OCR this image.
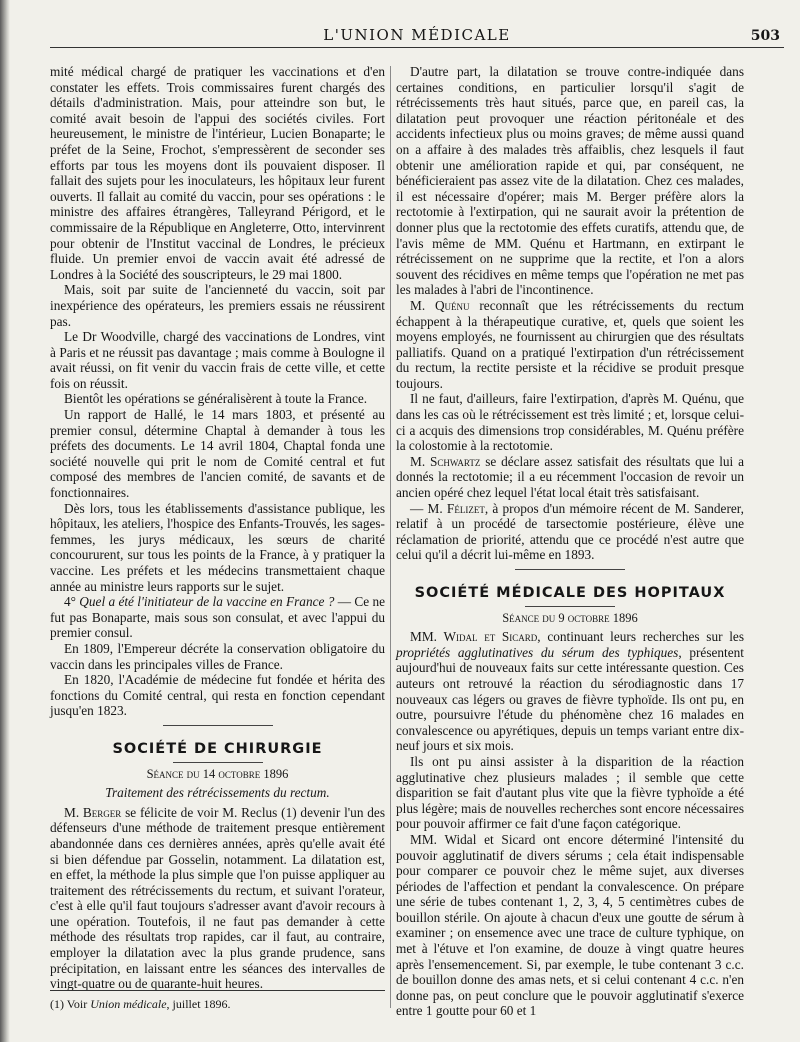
L'UNION MÉDICALE	503

mité médical chargé de pratiquer les vaccinations et d'en constater les effets. Trois commissaires furent chargés des détails d'administration. Mais, pour atteindre son but, le comité avait besoin de l'appui des sociétés civiles. Fort heureusement, le ministre de l'intérieur, Lucien Bonaparte; le préfet de la Seine, Frochot, s'empressèrent de seconder ses efforts par tous les moyens dont ils pouvaient disposer. Il fallait des sujets pour les inoculateurs, les hôpitaux leur furent ouverts. Il fallait au comité du vaccin, pour ses opérations : le ministre des affaires étrangères, Talleyrand Périgord, et le commissaire de la République en Angleterre, Otto, intervinrent pour obtenir de l'Institut vaccinal de Londres, le précieux fluide. Un premier envoi de vaccin avait été adressé de Londres à la Société des souscripteurs, le 29 mai 1800.

Mais, soit par suite de l'ancienneté du vaccin, soit par inexpérience des opérateurs, les premiers essais ne réussirent pas.

Le Dr Woodville, chargé des vaccinations de Londres, vint à Paris et ne réussit pas davantage ; mais comme à Boulogne il avait réussi, on fit venir du vaccin frais de cette ville, et cette fois on réussit.

Bientôt les opérations se généralisèrent à toute la France.

Un rapport de Hallé, le 14 mars 1803, et présenté au premier consul, détermine Chaptal à demander à tous les préfets des documents. Le 14 avril 1804, Chaptal fonda une société nouvelle qui prit le nom de Comité central et fut composé des membres de l'ancien comité, de savants et de fonctionnaires.

Dès lors, tous les établissements d'assistance publique, les hôpitaux, les ateliers, l'hospice des Enfants-Trouvés, les sages-femmes, les jurys médicaux, les sœurs de charité concoururent, sur tous les points de la France, à y pratiquer la vaccine. Les préfets et les médecins transmettaient chaque année au ministre leurs rapports sur le sujet.

4° Quel a été l'initiateur de la vaccine en France ? — Ce ne fut pas Bonaparte, mais sous son consulat, et avec l'appui du premier consul.

En 1809, l'Empereur décréte la conservation obligatoire du vaccin dans les principales villes de France.

En 1820, l'Académie de médecine fut fondée et hérita des fonctions du Comité central, qui resta en fonction cependant jusqu'en 1823.

SOCIÉTÉ DE CHIRURGIE
Séance du 14 octobre 1896
Traitement des rétrécissements du rectum.

M. Berger se félicite de voir M. Reclus (1) devenir l'un des défenseurs d'une méthode de traitement presque entièrement abandonnée dans ces dernières années, après qu'elle avait été si bien défendue par Gosselin, notamment. La dilatation est, en effet, la méthode la plus simple que l'on puisse appliquer au traitement des rétrécissements du rectum, et suivant l'orateur, c'est à elle qu'il faut toujours s'adresser avant d'avoir recours à une opération. Toutefois, il ne faut pas demander à cette méthode des résultats trop rapides, car il faut, au contraire, employer la dilatation avec la plus grande prudence, sans précipitation, en laissant entre les séances des intervalles de vingt-quatre ou de quarante-huit heures.

(1) Voir Union médicale, juillet 1896.

D'autre part, la dilatation se trouve contre-indiquée dans certaines conditions, en particulier lorsqu'il s'agit de rétrécissements très haut situés, parce que, en pareil cas, la dilatation peut provoquer une réaction péritonéale et des accidents infectieux plus ou moins graves; de même aussi quand on a affaire à des malades très affaiblis, chez lesquels il faut obtenir une amélioration rapide et qui, par conséquent, ne bénéficieraient pas assez vite de la dilatation. Chez ces malades, il est nécessaire d'opérer; mais M. Berger préfère alors la rectotomie à l'extirpation, qui ne saurait avoir la prétention de donner plus que la rectotomie des effets curatifs, attendu que, de l'avis même de MM. Quénu et Hartmann, en extirpant le rétrécissement on ne supprime que la rectite, et l'on a alors souvent des récidives en même temps que l'opération ne met pas les malades à l'abri de l'incontinence.

M. Quénu reconnaît que les rétrécissements du rectum échappent à la thérapeutique curative, et, quels que soient les moyens employés, ne fournissent au chirurgien que des résultats palliatifs. Quand on a pratiqué l'extirpation d'un rétrécissement du rectum, la rectite persiste et la récidive se produit presque toujours.

Il ne faut, d'ailleurs, faire l'extirpation, d'après M. Quénu, que dans les cas où le rétrécissement est très limité ; et, lorsque celui-ci a acquis des dimensions trop considérables, M. Quénu préfère la colostomie à la rectotomie.

M. Schwartz se déclare assez satisfait des résultats que lui a donnés la rectotomie; il a eu récemment l'occasion de revoir un ancien opéré chez lequel l'état local était très satisfaisant.

— M. Félizet, à propos d'un mémoire récent de M. Sanderer, relatif à un procédé de tarsectomie postérieure, élève une réclamation de priorité, attendu que ce procédé n'est autre que celui qu'il a décrit lui-même en 1893.

SOCIÉTÉ MÉDICALE DES HOPITAUX
Séance du 9 octobre 1896

MM. Widal et Sicard, continuant leurs recherches sur les propriétés agglutinatives du sérum des typhiques, présentent aujourd'hui de nouveaux faits sur cette intéressante question. Ces auteurs ont retrouvé la réaction du sérodiagnostic dans 17 nouveaux cas légers ou graves de fièvre typhoïde. Ils ont pu, en outre, poursuivre l'étude du phénomène chez 16 malades en convalescence ou apyrétiques, depuis un temps variant entre dix-neuf jours et six mois.

Ils ont pu ainsi assister à la disparition de la réaction agglutinative chez plusieurs malades ; il semble que cette disparition se fait d'autant plus vite que la fièvre typhoïde a été plus légère; mais de nouvelles recherches sont encore nécessaires pour pouvoir affirmer ce fait d'une façon catégorique.

MM. Widal et Sicard ont encore déterminé l'intensité du pouvoir agglutinatif de divers sérums ; cela était indispensable pour comparer ce pouvoir chez le même sujet, aux diverses périodes de l'affection et pendant la convalescence. On prépare une série de tubes contenant 1, 2, 3, 4, 5 centimètres cubes de bouillon stérile. On ajoute à chacun d'eux une goutte de sérum à examiner ; on ensemence avec une trace de culture typhique, on met à l'étuve et l'on examine, de douze à vingt quatre heures après l'ensemencement. Si, par exemple, le tube contenant 3 c.c. de bouillon donne des amas nets, et si celui contenant 4 c.c. n'en donne pas, on peut conclure que le pouvoir agglutinatif s'exerce entre 1 goutte pour 60 et 1
